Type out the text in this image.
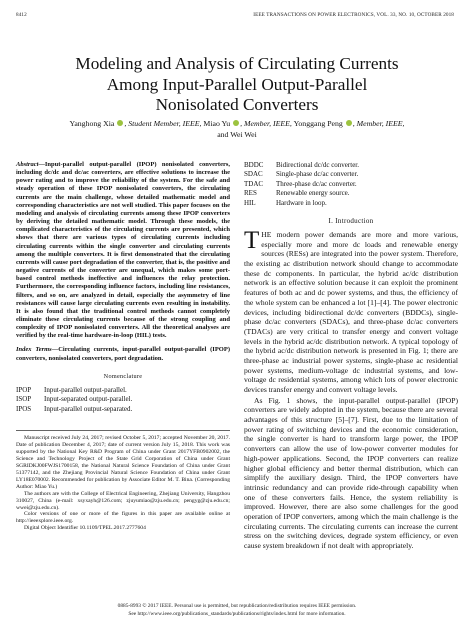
8412	IEEE TRANSACTIONS ON POWER ELECTRONICS, VOL. 33, NO. 10, OCTOBER 2018
Modeling and Analysis of Circulating Currents
Among Input-Parallel Output-Parallel
Nonisolated Converters
Yanghong Xia , Student Member, IEEE, Miao Yu , Member, IEEE, Yonggang Peng , Member, IEEE,
and Wei Wei

Abstract—Input-parallel output-parallel (IPOP) nonisolated converters, including dc/dc and dc/ac converters, are effective solutions to increase the power rating and to improve the reliability of the system. For the safe and steady operation of these IPOP nonisolated converters, the circulating currents are the main challenge, whose detailed mathematic model and corresponding characteristics are not well studied. This paper focuses on the modeling and analysis of circulating currents among these IPOP converters by deriving the detailed mathematic model. Through these models, the complicated characteristics of the circulating currents are presented, which shows that there are various types of circulating currents including circulating currents within the single converter and circulating currents among the multiple converters. It is first demonstrated that the circulating currents will cause port degradation of the converter, that is, the positive and negative currents of the converter are unequal, which makes some port-based control methods ineffective and influences the relay protection. Furthermore, the corresponding influence factors, including line resistances, filters, and so on, are analyzed in detail, especially the asymmetry of line resistances will cause large circulating currents even resulting in instability. It is also found that the traditional control methods cannot completely eliminate these circulating currents because of the strong coupling and complexity of IPOP nonisolated converters. All the theoretical analyses are verified by the real-time hardware-in-loop (HIL) tests.

Index Terms—Circulating currents, input-parallel output-parallel (IPOP) converters, nonisolated converters, port degradation.

Nomenclature
IPOP	Input-parallel output-parallel.
ISOP	Input-separated output-parallel.
IPOS	Input-parallel output-separated.

Manuscript received July 24, 2017; revised October 5, 2017; accepted November 20, 2017. Date of publication December 4, 2017; date of current version July 15, 2018. This work was supported by the National Key R&D Program of China under Grant 2017YFB0902002, the Science and Technology Project of the State Grid Corporation of China under Grant SGRIDKJ00FWJS1700158, the National Natural Science Foundation of China under Grant 51377142, and the Zhejiang Provincial Natural Science Foundation of China under Grant LY18E070002. Recommended for publication by Associate Editor M. T. Bina. (Corresponding Author: Miao Yu.)

The authors are with the College of Electrical Engineering, Zhejiang University, Hangzhou 310027, China (e-mail: xsyxayh@126.com; zjuyumiao@zju.edu.cn; pengyg@zju.edu.cn; wwei@zju.edu.cn).

Color versions of one or more of the figures in this paper are available online at http://ieeexplore.ieee.org.

Digital Object Identifier 10.1109/TPEL.2017.2777604

BDDC	Bidirectional dc/dc converter.
SDAC	Single-phase dc/ac converter.
TDAC	Three-phase dc/ac converter.
RES	Renewable energy source.
HIL	Hardware in loop.
I. Introduction

THE modern power demands are more and more various, especially more and more dc loads and renewable energy sources (RESs) are integrated into the power system. Therefore, the existing ac distribution network should change to accommodate these dc components. In particular, the hybrid ac/dc distribution network is an effective solution because it can exploit the prominent features of both ac and dc power systems, and thus, the efficiency of the whole system can be enhanced a lot [1]–[4]. The power electronic devices, including bidirectional dc/dc converters (BDDCs), single-phase dc/ac converters (SDACs), and three-phase dc/ac converters (TDACs) are very critical to transfer energy and convert voltage levels in the hybrid ac/dc distribution network. A typical topology of the hybrid ac/dc distribution network is presented in Fig. 1; there are three-phase ac industrial power systems, single-phase ac residential power systems, medium-voltage dc industrial systems, and low-voltage dc residential systems, among which lots of power electronic devices transfer energy and convert voltage levels.

As Fig. 1 shows, the input-parallel output-parallel (IPOP) converters are widely adopted in the system, because there are several advantages of this structure [5]–[7]. First, due to the limitation of power rating of switching devices and the economic consideration, the single converter is hard to transform large power, the IPOP converters can allow the use of low-power converter modules for high-power applications. Second, the IPOP converters can realize higher global efficiency and better thermal distribution, which can simplify the auxiliary design. Third, the IPOP converters have intrinsic redundancy and can provide ride-through capability when one of these converters fails. Hence, the system reliability is improved. However, there are also some challenges for the good operation of IPOP converters, among which the main challenge is the circulating currents. The circulating currents can increase the current stress on the switching devices, degrade system efficiency, or even cause system breakdown if not dealt with appropriately.

0885-8993 © 2017 IEEE. Personal use is permitted, but republication/redistribution requires IEEE permission.
See http://www.ieee.org/publications_standards/publications/rights/index.html for more information.
